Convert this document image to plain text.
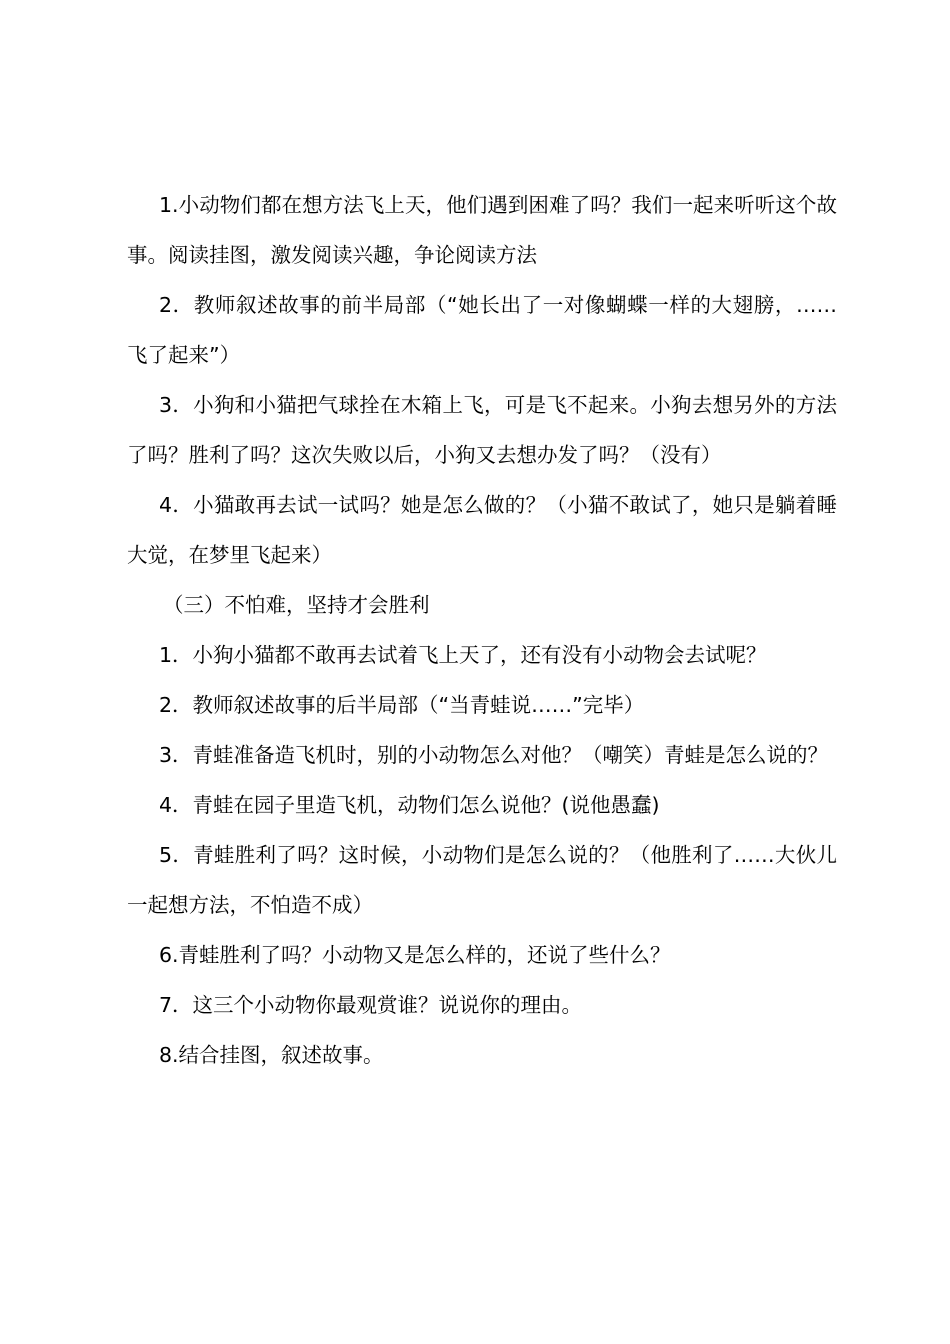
1.小动物们都在想方法飞上天，他们遇到困难了吗？我们一起来听听这个故事。阅读挂图，激发阅读兴趣，争论阅读方法

2．教师叙述故事的前半局部（“她长出了一对像蝴蝶一样的大翅膀，……飞了起来”）

3．小狗和小猫把气球拴在木箱上飞，可是飞不起来。小狗去想另外的方法了吗？胜利了吗？这次失败以后，小狗又去想办发了吗？（没有）

4．小猫敢再去试一试吗？她是怎么做的？（小猫不敢试了，她只是躺着睡大觉，在梦里飞起来）

（三）不怕难，坚持才会胜利

1．小狗小猫都不敢再去试着飞上天了，还有没有小动物会去试呢？

2．教师叙述故事的后半局部（“当青蛙说……”完毕）

3．青蛙准备造飞机时，别的小动物怎么对他？（嘲笑）青蛙是怎么说的？

4．青蛙在园子里造飞机，动物们怎么说他？(说他愚蠢)

5．青蛙胜利了吗？这时候，小动物们是怎么说的？（他胜利了……大伙儿一起想方法，不怕造不成）

6.青蛙胜利了吗？小动物又是怎么样的，还说了些什么？

7．这三个小动物你最观赏谁？说说你的理由。

8.结合挂图，叙述故事。
